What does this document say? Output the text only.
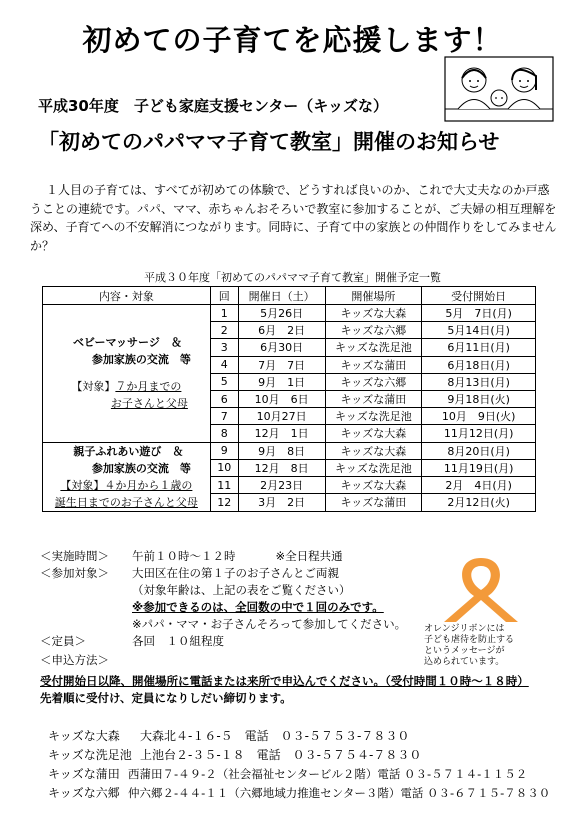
初めての子育てを応援します！
平成30年度　子ども家庭支援センター（キッズな）
「初めてのパパママ子育て教室」開催のお知らせ
１人目の子育ては、すべてが初めての体験で、どうすれば良いのか、これで大丈夫なのか戸惑うことの連続です。パパ、ママ、赤ちゃんおそろいで教室に参加することが、ご夫婦の相互理解を深め、子育てへの不安解消につながります。同時に、子育て中の家族との仲間作りをしてみませんか？
平成３０年度「初めてのパパママ子育て教室」開催予定一覧
内容・対象	回	開催日（土）	開催場所	受付開始日

ベビーマッサージ　＆
参加家族の交流　等
【対象】７か月までの
お子さんと父母	1	5月26日	キッズな大森	5月　7日(月)
	2	6月　2日	キッズな六郷	5月14日(月)
	3	6月30日	キッズな洗足池	6月11日(月)
	4	7月　7日	キッズな蒲田	6月18日(月)
	5	9月　1日	キッズな六郷	8月13日(月)
	6	10月　6日	キッズな蒲田	9月18日(火)
	7	10月27日	キッズな洗足池	10月　9日(火)
	8	12月　1日	キッズな大森	11月12日(月)

親子ふれあい遊び　＆
参加家族の交流　等
【対象】４か月から１歳の
誕生日までのお子さんと父母	9	9月　8日	キッズな大森	8月20日(月)
	10	12月　8日	キッズな洗足池	11月19日(月)
	11	2月23日	キッズな大森	2月　4日(月)
	12	3月　2日	キッズな蒲田	2月12日(火)
＜実施時間＞ 午前１０時～１２時	※全日程共通
＜参加対象＞ 大田区在住の第１子のお子さんとご両親
（対象年齢は、上記の表をご覧ください）
※参加できるのは、全回数の中で１回のみです。
※パパ・ママ・お子さんそろって参加してください。
＜定員＞	各回　１０組程度
＜申込方法＞
受付開始日以降、開催場所に電話または来所で申込んでください。（受付時間１０時～１８時）
先着順に受付け、定員になりしだい締切ります。
オレンジリボンには
子ども虐待を防止する
というメッセージが
込められています。
キッズな大森 大森北４-１６-５　電話　０３-５７５３-７８３０
キッズな洗足池 上池台２-３５-１８　電話　０３-５７５４-７８３０
キッズな蒲田 西蒲田７-４９-２（社会福祉センタービル２階）電話 ０３-５７１４-１１５２
キッズな六郷 仲六郷２-４４-１１（六郷地域力推進センター３階）電話 ０３-６７１５-７８３０
